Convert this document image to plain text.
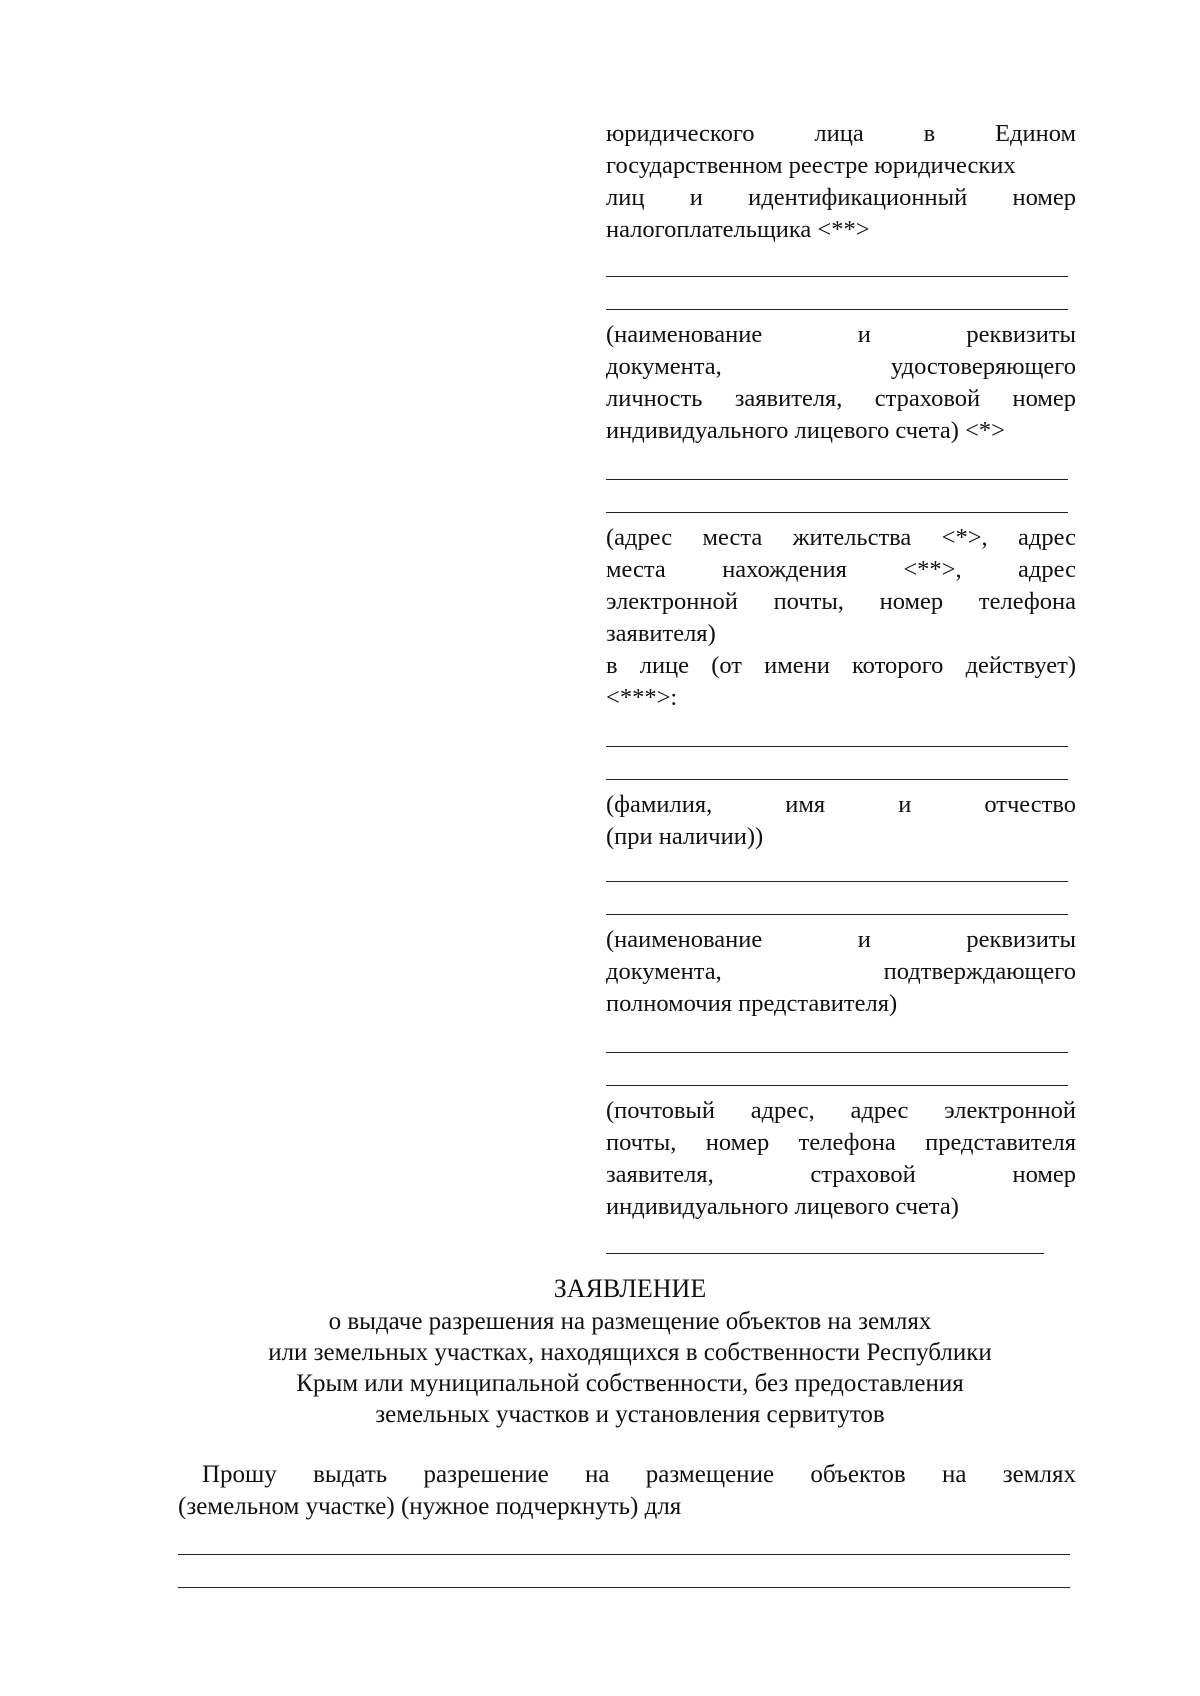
юридического лица в Едином

государственном реестре юридических

лиц и идентификационный номер

налогоплательщика <**>

(наименование и реквизиты

документа, удостоверяющего

личность заявителя, страховой номер

индивидуального лицевого счета) <*>

(адрес места жительства <*>, адрес

места нахождения <**>, адрес

электронной почты, номер телефона

заявителя)

в лице (от имени которого действует)

<***>:

(фамилия, имя и отчество

(при наличии))

(наименование и реквизиты

документа, подтверждающего

полномочия представителя)

(почтовый адрес, адрес электронной

почты, номер телефона представителя

заявителя, страховой номер

индивидуального лицевого счета)

ЗАЯВЛЕНИЕ
о выдаче разрешения на размещение объектов на землях
или земельных участках, находящихся в собственности Республики
Крым или муниципальной собственности, без предоставления
земельных участков и установления сервитутов

Прошу выдать разрешение на размещение объектов на землях

(земельном участке) (нужное подчеркнуть) для
